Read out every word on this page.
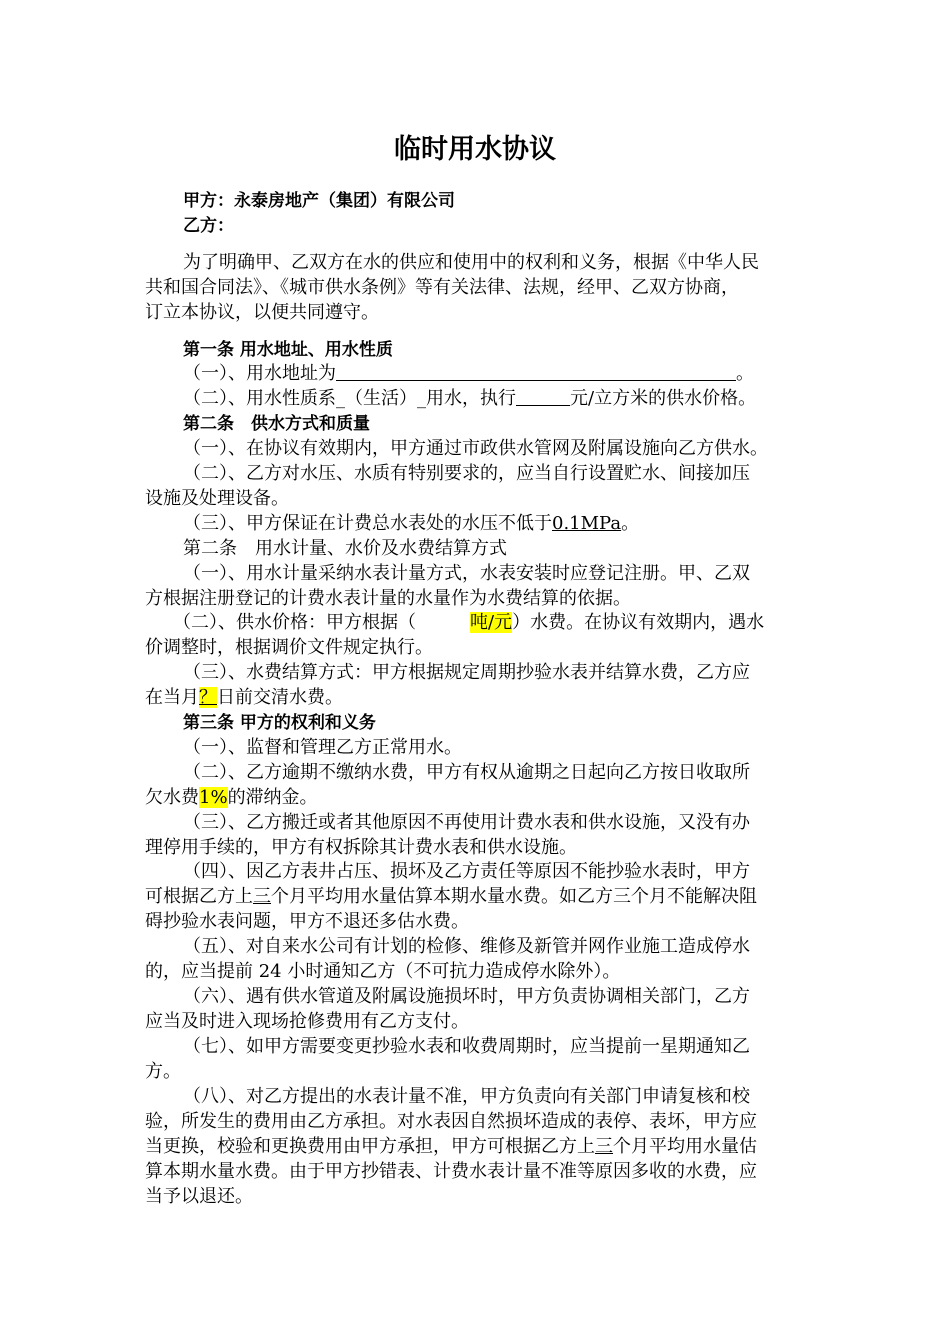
临时用水协议
甲方：永泰房地产（集团）有限公司
乙方：
为了明确甲、乙双方在水的供应和使用中的权利和义务，根据《中华人民
共和国合同法》、《城市供水条例》等有关法律、法规，经甲、乙双方协商，
订立本协议，以便共同遵守。
第一条 用水地址、用水性质
（一）、用水地址为	。
（二）、用水性质系_（生活）_用水，执行	元/立方米的供水价格。
第二条　供水方式和质量
（一）、在协议有效期内，甲方通过市政供水管网及附属设施向乙方供水。
（二）、乙方对水压、水质有特别要求的，应当自行设置贮水、间接加压
设施及处理设备。
（三）、甲方保证在计费总水表处的水压不低于0.1MPa。
第二条　用水计量、水价及水费结算方式
（一）、用水计量采纳水表计量方式，水表安装时应登记注册。甲、乙双
方根据注册登记的计费水表计量的水量作为水费结算的依据。
（二）、供水价格：甲方根据（	吨/元）水费。在协议有效期内，遇水
价调整时，根据调价文件规定执行。
（三）、水费结算方式：甲方根据规定周期抄验水表并结算水费，乙方应
在当月？日前交清水费。
第三条 甲方的权利和义务
（一）、监督和管理乙方正常用水。
（二）、乙方逾期不缴纳水费，甲方有权从逾期之日起向乙方按日收取所
欠水费1%的滞纳金。
（三）、乙方搬迁或者其他原因不再使用计费水表和供水设施，又没有办
理停用手续的，甲方有权拆除其计费水表和供水设施。
（四）、因乙方表井占压、损坏及乙方责任等原因不能抄验水表时，甲方
可根据乙方上三个月平均用水量估算本期水量水费。如乙方三个月不能解决阻
碍抄验水表问题，甲方不退还多估水费。
（五）、对自来水公司有计划的检修、维修及新管并网作业施工造成停水
的，应当提前 24 小时通知乙方（不可抗力造成停水除外）。
（六）、遇有供水管道及附属设施损坏时，甲方负责协调相关部门，乙方
应当及时进入现场抢修费用有乙方支付。
（七）、如甲方需要变更抄验水表和收费周期时，应当提前一星期通知乙
方。
（八）、对乙方提出的水表计量不准，甲方负责向有关部门申请复核和校
验，所发生的费用由乙方承担。对水表因自然损坏造成的表停、表坏，甲方应
当更换，校验和更换费用由甲方承担，甲方可根据乙方上三个月平均用水量估
算本期水量水费。由于甲方抄错表、计费水表计量不准等原因多收的水费，应
当予以退还。
